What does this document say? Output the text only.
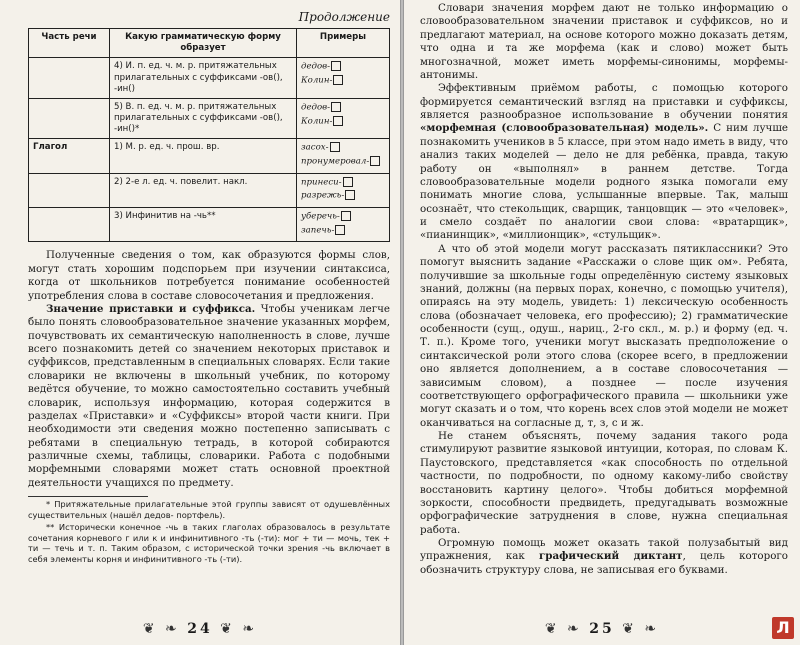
Продолжение

Часть речи	Какую грамматическую форму образует	Примеры
	4) И. п. ед. ч. м. р. притяжательных прилагательных с суффиксами -ов(), -ин()	дедов-
Колин-

	5) В. п. ед. ч. м. р. притяжательных прилагательных с суффиксами -ов(), -ин()*	дедов-
Колин-

Глагол	1) М. р. ед. ч. прош. вр.	засох-
пронумеровал-

	2) 2-е л. ед. ч. повелит. накл.	принеси-
разрежь-

	3) Инфинитив на -чь**	уберечь-
запечь-

Полученные сведения о том, как образуются формы слов, могут стать хорошим подспорьем при изучении синтаксиса, когда от школьников потребуется понимание особенностей употребления слова в составе словосочетания и предложения.

Значение приставки и суффикса. Чтобы ученикам легче было понять словообразовательное значение указанных морфем, почувствовать их семантическую наполненность в слове, лучше всего познакомить детей со значением некоторых приставок и суффиксов, представленным в специальных словарях. Если такие словарики не включены в школьный учебник, по которому ведётся обучение, то можно самостоятельно составить учебный словарик, используя информацию, которая содержится в разделах «Приставки» и «Суффиксы» второй части книги. При необходимости эти сведения можно постепенно записывать с ребятами в специальную тетрадь, в которой собираются различные схемы, таблицы, словарики. Работа с подобными морфемными словарями может стать основной проектной деятельности учащихся по предмету.

* Притяжательные прилагательные этой группы зависят от одушевлённых существительных (нашёл дедов- портфель).

** Исторически конечное -чь в таких глаголах образовалось в результате сочетания корневого г или к и инфинитивного -ть (-ти): мог + ти — мочь, тек + ти — течь и т. п. Таким образом, с исторической точки зрения -чь включает в себя элементы корня и инфинитивного -ть (-ти).

❦ ❧ 24 ❦ ❧

Словари значения морфем дают не только информацию о словообразовательном значении приставок и суффиксов, но и предлагают материал, на основе которого можно доказать детям, что одна и та же морфема (как и слово) может быть многозначной, может иметь морфемы-синонимы, морфемы-антонимы.

Эффективным приёмом работы, с помощью которого формируется семантический взгляд на приставки и суффиксы, является разнообразное использование в обучении понятия «морфемная (словообразовательная) модель». С ним лучше познакомить учеников в 5 классе, при этом надо иметь в виду, что анализ таких моделей — дело не для ребёнка, правда, такую работу он «выполнял» в раннем детстве. Тогда словообразовательные модели родного языка помогали ему понимать многие слова, услышанные впервые. Так, малыш осознаёт, что стекольщик, сварщик, танцовщик — это «человек», и смело создаёт по аналогии свои слова: «вратарщик», «пианинщик», «миллионщик», «стульщик».

А что об этой модели могут рассказать пятиклассники? Это помогут выяснить задание «Расскажи о слове щик ом». Ребята, получившие за школьные годы определённую систему языковых знаний, должны (на первых порах, конечно, с помощью учителя), опираясь на эту модель, увидеть: 1) лексическую особенность слова (обозначает человека, его профессию); 2) грамматические особенности (сущ., одуш., нариц., 2-го скл., м. р.) и форму (ед. ч. Т. п.). Кроме того, ученики могут высказать предположение о синтаксической роли этого слова (скорее всего, в предложении оно является дополнением, а в составе словосочетания — зависимым словом), а позднее — после изучения соответствующего орфографического правила — школьники уже могут сказать и о том, что корень всех слов этой модели не может оканчиваться на согласные д, т, з, с и ж.

Не станем объяснять, почему задания такого рода стимулируют развитие языковой интуиции, которая, по словам К. Паустовского, представляется «как способность по отдельной частности, по подробности, по одному какому-либо свойству восстановить картину целого». Чтобы добиться морфемной зоркости, способности предвидеть, предугадывать возможные орфографические затруднения в слове, нужна специальная работа.

Огромную помощь может оказать такой полузабытый вид упражнения, как графический диктант, цель которого обозначить структуру слова, не записывая его буквами.

❦ ❧ 25 ❦ ❧	Л
